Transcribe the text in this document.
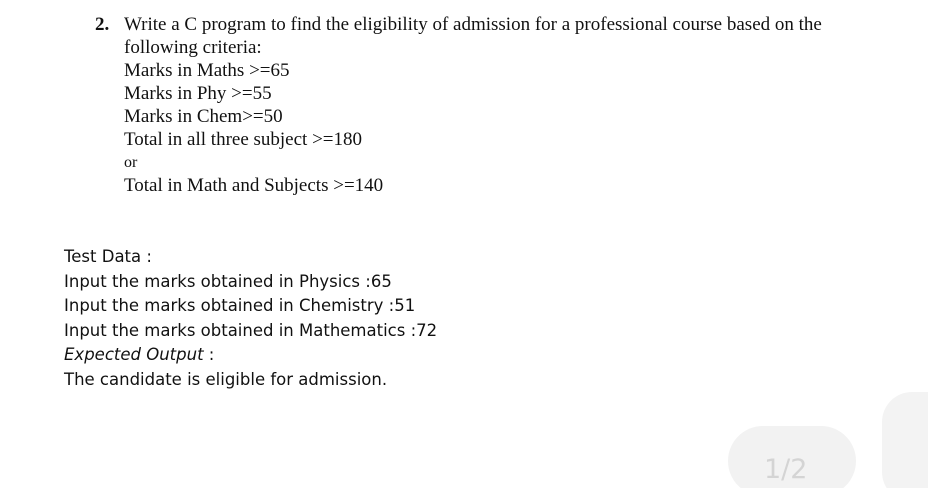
2. Write a C program to find the eligibility of admission for a professional course based on the following criteria:
Marks in Maths >=65
Marks in Phy >=55
Marks in Chem>=50
Total in all three subject >=180
or
Total in Math and Subjects >=140
Test Data :
Input the marks obtained in Physics :65
Input the marks obtained in Chemistry :51
Input the marks obtained in Mathematics :72
Expected Output :
The candidate is eligible for admission.
1/2
